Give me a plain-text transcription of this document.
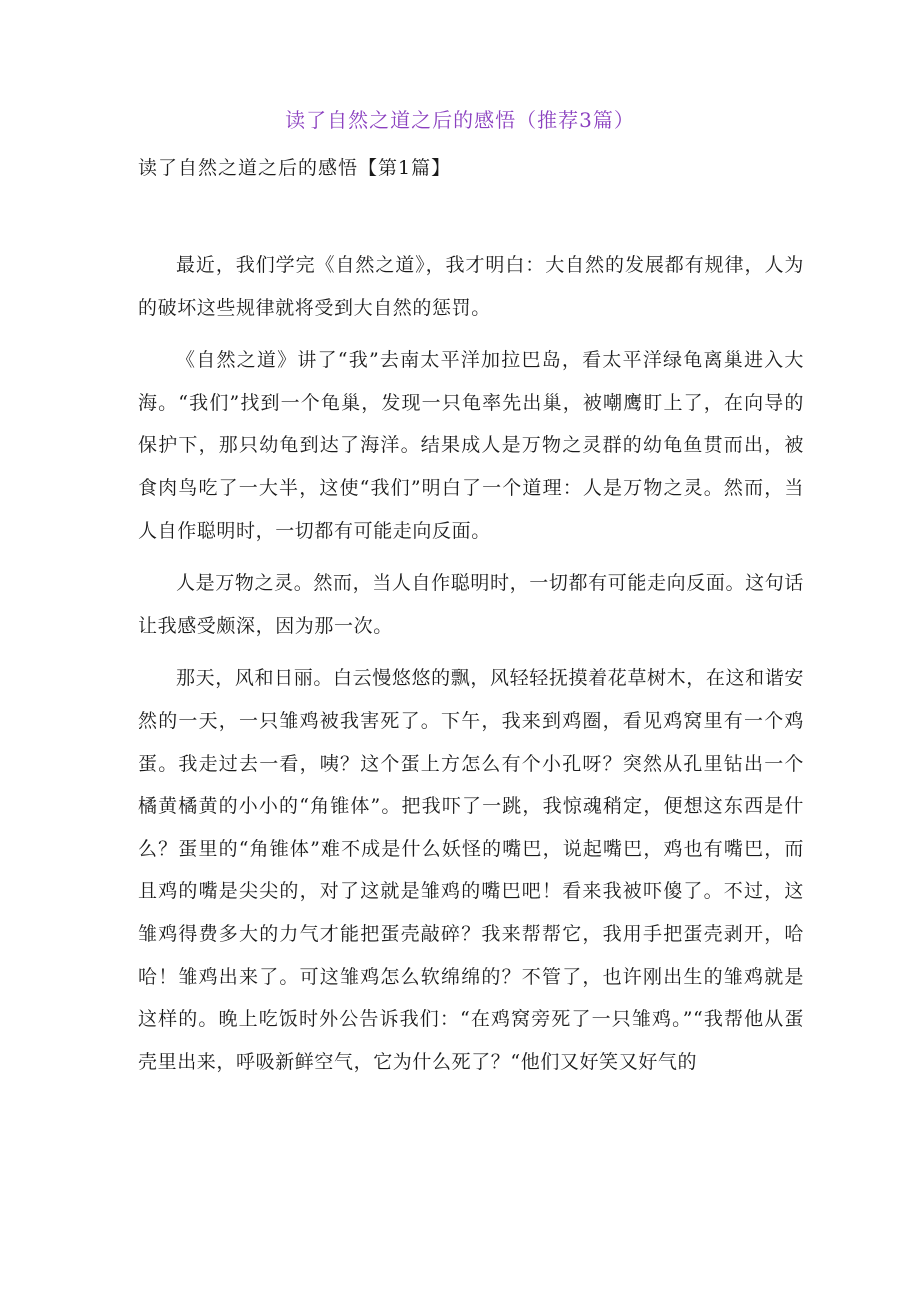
读了自然之道之后的感悟（推荐3篇）
读了自然之道之后的感悟【第1篇】

最近，我们学完《自然之道》，我才明白：大自然的发展都有规律，人为的破坏这些规律就将受到大自然的惩罚。

《自然之道》讲了“我”去南太平洋加拉巴岛，看太平洋绿龟离巢进入大海。“我们”找到一个龟巢，发现一只龟率先出巢，被嘲鹰盯上了，在向导的保护下，那只幼龟到达了海洋。结果成人是万物之灵群的幼龟鱼贯而出，被食肉鸟吃了一大半，这使“我们”明白了一个道理：人是万物之灵。然而，当人自作聪明时，一切都有可能走向反面。

人是万物之灵。然而，当人自作聪明时，一切都有可能走向反面。这句话让我感受颇深，因为那一次。

那天，风和日丽。白云慢悠悠的飘，风轻轻抚摸着花草树木，在这和谐安然的一天，一只雏鸡被我害死了。下午，我来到鸡圈，看见鸡窝里有一个鸡蛋。我走过去一看，咦？这个蛋上方怎么有个小孔呀？突然从孔里钻出一个橘黄橘黄的小小的“角锥体”。把我吓了一跳，我惊魂稍定，便想这东西是什么？蛋里的“角锥体”难不成是什么妖怪的嘴巴，说起嘴巴，鸡也有嘴巴，而且鸡的嘴是尖尖的，对了这就是雏鸡的嘴巴吧！看来我被吓傻了。不过，这雏鸡得费多大的力气才能把蛋壳敲碎？我来帮帮它，我用手把蛋壳剥开，哈哈！雏鸡出来了。可这雏鸡怎么软绵绵的？不管了，也许刚出生的雏鸡就是这样的。晚上吃饭时外公告诉我们：“在鸡窝旁死了一只雏鸡。”“我帮他从蛋壳里出来，呼吸新鲜空气，它为什么死了？“他们又好笑又好气的
